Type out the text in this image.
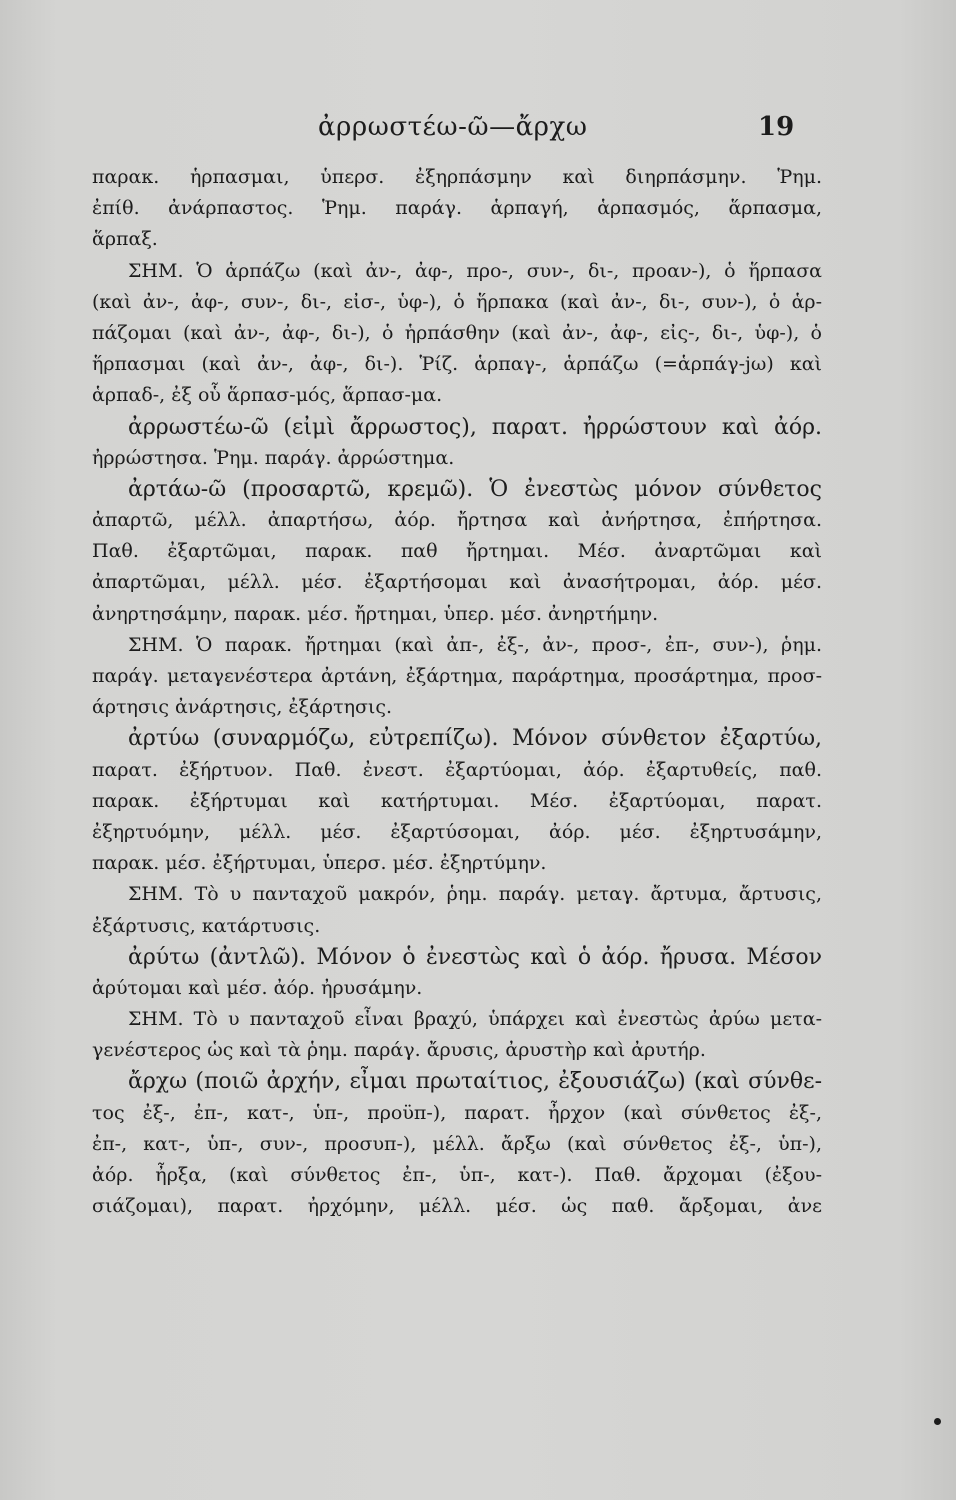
ἀρρωστέω-ῶ—ἄρχω	19
παρακ. ἡρπασμαι, ὑπερσ. ἐξηρπάσμην καὶ διηρπάσμην. Ῥημ.
ἐπίθ. ἀνάρπαστος. Ῥημ. παράγ. ἁρπαγή, ἁρπασμός, ἅρπασμα,
ἅρπαξ.
ΣΗΜ. Ὁ ἁρπάζω (καὶ ἀν-, ἀφ-, προ-, συν-, δι-, προαν-), ὁ ἥρπασα
(καὶ ἀν-, ἀφ-, συν-, δι-, εἰσ-, ὑφ-), ὁ ἥρπακα (καὶ ἀν-, δι-, συν-), ὁ ἁρ-
πάζομαι (καὶ ἀν-, ἀφ-, δι-), ὁ ἡρπάσθην (καὶ ἀν-, ἀφ-, εἰς-, δι-, ὑφ-), ὁ
ἥρπασμαι (καὶ ἀν-, ἀφ-, δι-). Ῥίζ. ἁρπαγ-, ἁρπάζω (=ἁρπάγ-jω) καὶ
ἁρπαδ-, ἐξ οὗ ἅρπασ-μός, ἅρπασ-μα.
ἀρρωστέω-ῶ (εἰμὶ ἄρρωστος), παρατ. ἠρρώστουν καὶ ἀόρ.
ἠρρώστησα. Ῥημ. παράγ. ἀρρώστημα.
ἀρτάω-ῶ (προσαρτῶ, κρεμῶ). Ὁ ἐνεστὼς μόνον σύνθετος
ἀπαρτῶ, μέλλ. ἀπαρτήσω, ἀόρ. ἤρτησα καὶ ἀνήρτησα, ἐπήρτησα.
Παθ. ἐξαρτῶμαι, παρακ. παθ ἤρτημαι. Μέσ. ἀναρτῶμαι καὶ
ἀπαρτῶμαι, μέλλ. μέσ. ἐξαρτήσομαι καὶ ἀνασήτρομαι, ἀόρ. μέσ.
ἀνηρτησάμην, παρακ. μέσ. ἤρτημαι, ὑπερ. μέσ. ἀνηρτήμην.
ΣΗΜ. Ὁ παρακ. ἤρτημαι (καὶ ἀπ-, ἐξ-, ἀν-, προσ-, ἐπ-, συν-), ῥημ.
παράγ. μεταγενέστερα ἀρτάνη, ἐξάρτημα, παράρτημα, προσάρτημα, προσ-
άρτησις ἀνάρτησις, ἐξάρτησις.
ἀρτύω (συναρμόζω, εὐτρεπίζω). Μόνον σύνθετον ἐξαρτύω,
παρατ. ἐξήρτυον. Παθ. ἐνεστ. ἐξαρτύομαι, ἀόρ. ἐξαρτυθείς, παθ.
παρακ. ἐξήρτυμαι καὶ κατήρτυμαι. Μέσ. ἐξαρτύομαι, παρατ.
ἐξηρτυόμην, μέλλ. μέσ. ἐξαρτύσομαι, ἀόρ. μέσ. ἐξηρτυσάμην,
παρακ. μέσ. ἐξήρτυμαι, ὑπερσ. μέσ. ἐξηρτύμην.
ΣΗΜ. Τὸ υ πανταχοῦ μακρόν, ῥημ. παράγ. μεταγ. ἄρτυμα, ἄρτυσις,
ἐξάρτυσις, κατάρτυσις.
ἀρύτω (ἀντλῶ). Μόνον ὁ ἐνεστὼς καὶ ὁ ἀόρ. ἤρυσα. Μέσον
ἀρύτομαι καὶ μέσ. ἀόρ. ἠρυσάμην.
ΣΗΜ. Τὸ υ πανταχοῦ εἶναι βραχύ, ὑπάρχει καὶ ἐνεστὼς ἀρύω μετα-
γενέστερος ὡς καὶ τὰ ῥημ. παράγ. ἄρυσις, ἀρυστὴρ καὶ ἀρυτήρ.
ἄρχω (ποιῶ ἀρχήν, εἶμαι πρωταίτιος, ἐξουσιάζω) (καὶ σύνθε-
τος ἐξ-, ἐπ-, κατ-, ὑπ-, προϋπ-), παρατ. ἦρχον (καὶ σύνθετος ἐξ-,
ἐπ-, κατ-, ὑπ-, συν-, προσυπ-), μέλλ. ἄρξω (καὶ σύνθετος ἐξ-, ὑπ-),
ἀόρ. ἦρξα, (καὶ σύνθετος ἐπ-, ὑπ-, κατ-). Παθ. ἄρχομαι (ἐξου-
σιάζομαι), παρατ. ἠρχόμην, μέλλ. μέσ. ὡς παθ. ἄρξομαι, ἀνε
